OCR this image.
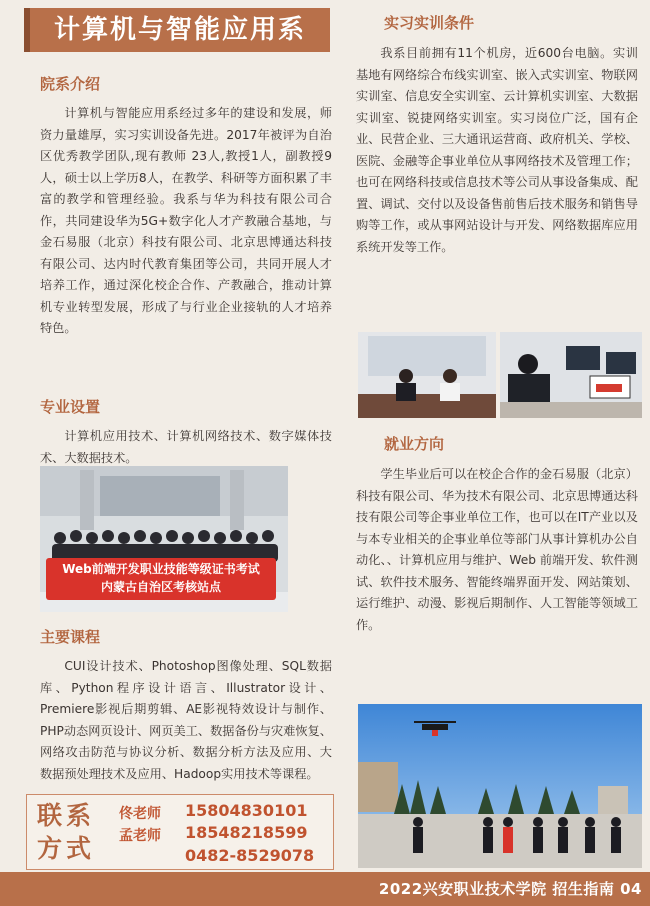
计算机与智能应用系
院系介绍
计算机与智能应用系经过多年的建设和发展，师资力量雄厚，实习实训设备先进。2017年被评为自治区优秀教学团队,现有教师 23人,教授1人，副教授9人，硕士以上学历8人，在教学、科研等方面积累了丰富的教学和管理经验。我系与华为科技有限公司合作，共同建设华为5G+数字化人才产教融合基地，与金石易服（北京）科技有限公司、北京思博通达科技有限公司、达内时代教育集团等公司，共同开展人才培养工作，通过深化校企合作、产教融合，推动计算机专业转型发展，形成了与行业企业接轨的人才培养特色。
专业设置
计算机应用技术、计算机网络技术、数字媒体技术、大数据技术。
Web前端开发职业技能等级证书考试
内蒙古自治区考核站点
主要课程
CUI设计技术、Photoshop图像处理、SQL数据库、Python程序设计语言、Illustrator设计、Premiere影视后期剪辑、AE影视特效设计与制作、PHP动态网页设计、网页美工、数据备份与灾难恢复、网络攻击防范与协议分析、数据分析方法及应用、大数据预处理技术及应用、Hadoop实用技术等课程。
联系方式
佟老师 15804830101
孟老师 18548218599
0482-8529078
实习实训条件
我系目前拥有11个机房，近600台电脑。实训基地有网络综合布线实训室、嵌入式实训室、物联网实训室、信息安全实训室、云计算机实训室、大数据实训室、锐捷网络实训室。实习岗位广泛，国有企业、民营企业、三大通讯运营商、政府机关、学校、医院、金融等企事业单位从事网络技术及管理工作；也可在网络科技或信息技术等公司从事设备集成、配置、调试、交付以及设备售前售后技术服务和销售导购等工作，或从事网站设计与开发、网络数据库应用系统开发等工作。
就业方向
学生毕业后可以在校企合作的金石易服（北京）科技有限公司、华为技术有限公司、北京思博通达科技有限公司等企事业单位工作，也可以在IT产业以及与本专业相关的企事业单位等部门从事计算机办公自动化、、计算机应用与维护、Web 前端开发、软件测试、软件技术服务、智能终端界面开发、网站策划、运行维护、动漫、影视后期制作、人工智能等领域工作。
2022兴安职业技术学院 招生指南 04
